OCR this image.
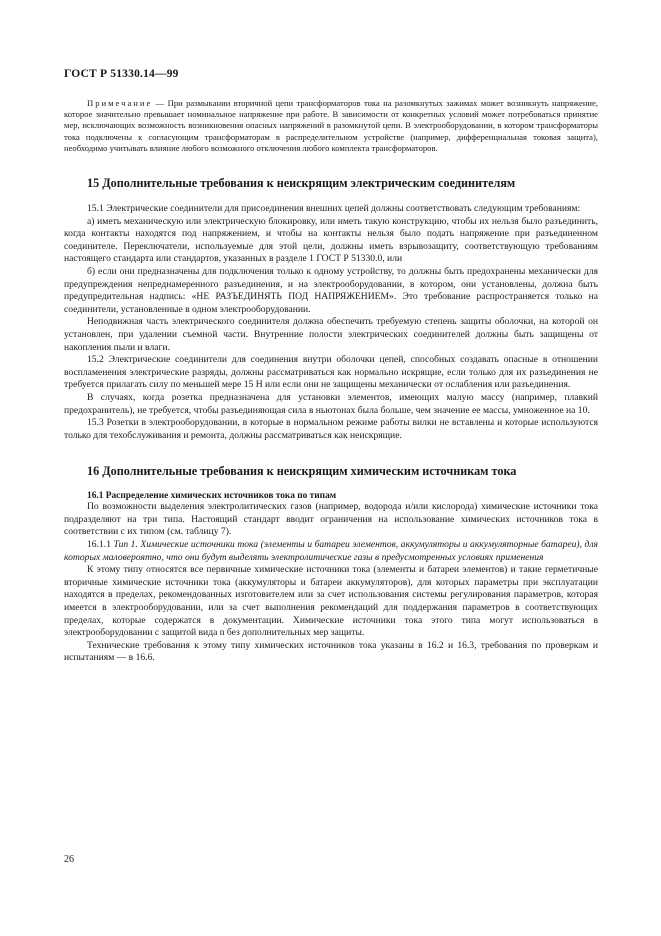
ГОСТ Р 51330.14—99

Примечание — При размыкании вторичной цепи трансформаторов тока на разомкнутых зажимах может возникнуть напряжение, которое значительно превышает номинальное напряжение при работе. В зависимости от конкретных условий может потребоваться принятие мер, исключающих возможность возникновения опасных напряжений в разомкнутой цепи. В электрооборудовании, в котором трансформаторы тока подключены к согласующим трансформаторам в распределительном устройстве (например, дифференциальная токовая защита), необходимо учитывать влияние любого возможного отключения любого комплекта трансформаторов.

15 Дополнительные требования к неискрящим электрическим соединителям

15.1 Электрические соединители для присоединения внешних цепей должны соответствовать следующим требованиям:

а) иметь механическую или электрическую блокировку, или иметь такую конструкцию, чтобы их нельзя было разъединить, когда контакты находятся под напряжением, и чтобы на контакты нельзя было подать напряжение при разъединенном соединителе. Переключатели, используемые для этой цели, должны иметь взрывозащиту, соответствующую требованиям настоящего стандарта или стандартов, указанных в разделе 1 ГОСТ Р 51330.0, или

б) если они предназначены для подключения только к одному устройству, то должны быть предохранены механически для предупреждения непреднамеренного разъединения, и на электрооборудовании, в котором, они установлены, должна быть предупредительная надпись: «НЕ РАЗЪЕДИНЯТЬ ПОД НАПРЯЖЕНИЕМ». Это требование распространяется только на соединители, установленные в одном электрооборудовании.

Неподвижная часть электрического соединителя должна обеспечить требуемую степень защиты оболочки, на которой он установлен, при удалении съемной части. Внутренние полости электрических соединителей должны быть защищены от накопления пыли и влаги.

15.2 Электрические соединители для соединения внутри оболочки цепей, способных создавать опасные в отношении воспламенения электрические разряды, должны рассматриваться как нормально искрящие, если только для их разъединения не требуется прилагать силу по меньшей мере 15 Н или если они не защищены механически от ослабления или разъединения.

В случаях, когда розетка предназначена для установки элементов, имеющих малую массу (например, плавкий предохранитель), не требуется, чтобы разъединяющая сила в ньютонах была больше, чем значение ее массы, умноженное на 10.

15.3 Розетки в электрооборудовании, в которые в нормальном режиме работы вилки не вставлены и которые используются только для техобслуживания и ремонта, должны рассматриваться как неискрящие.

16 Дополнительные требования к неискрящим химическим источникам тока
16.1 Распределение химических источников тока по типам

По возможности выделения электролитических газов (например, водорода и/или кислорода) химические источники тока подразделяют на три типа. Настоящий стандарт вводит ограничения на использование химических источников тока в соответствии с их типом (см. таблицу 7).

16.1.1 Тип 1. Химические источники тока (элементы и батареи элементов, аккумуляторы и аккумуляторные батареи), для которых маловероятно, что они будут выделять электролитические газы в предусмотренных условиях применения

К этому типу относятся все первичные химические источники тока (элементы и батареи элементов) и такие герметичные вторичные химические источники тока (аккумуляторы и батареи аккумуляторов), для которых параметры при эксплуатации находятся в пределах, рекомендованных изготовителем или за счет использования системы регулирования параметров, которая имеется в электрооборудовании, или за счет выполнения рекомендаций для поддержания параметров в соответствующих пределах, которые содержатся в документации. Химические источники тока этого типа могут использоваться в электрооборудовании с защитой вида n без дополнительных мер защиты.

Технические требования к этому типу химических источников тока указаны в 16.2 и 16.3, требования по проверкам и испытаниям — в 16.6.

26
